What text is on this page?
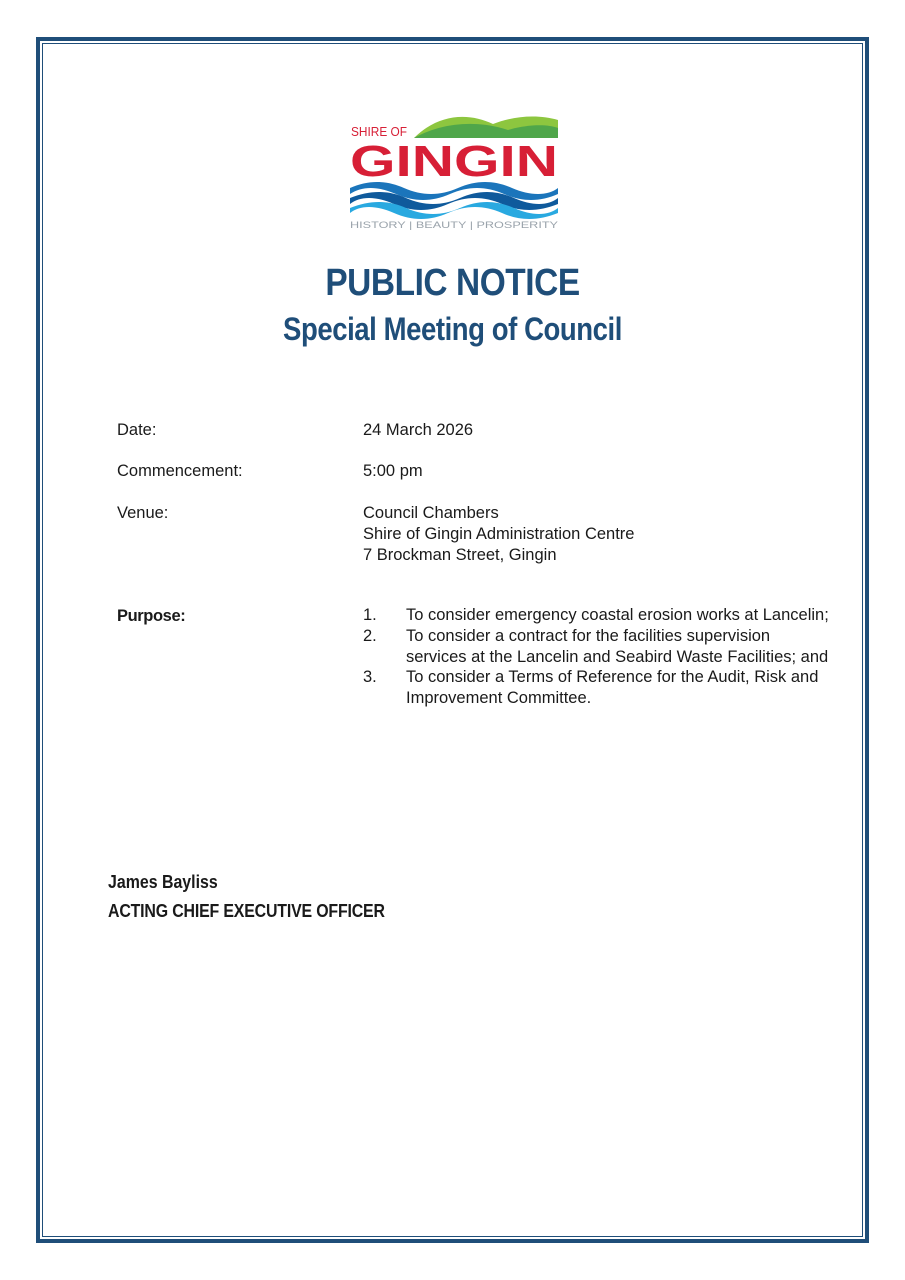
SHIRE OF
GINGIN
HISTORY | BEAUTY | PROSPERITY
PUBLIC NOTICE
Special Meeting of Council
Date:	24 March 2026
Commencement:	5:00 pm
Venue:	Council Chambers
Shire of Gingin Administration Centre
7 Brockman Street, Gingin
Purpose:	1. To consider emergency coastal erosion works at Lancelin;
2. To consider a contract for the facilities supervision services at the Lancelin and Seabird Waste Facilities; and
3. To consider a Terms of Reference for the Audit, Risk and Improvement Committee.
James Bayliss
ACTING CHIEF EXECUTIVE OFFICER
